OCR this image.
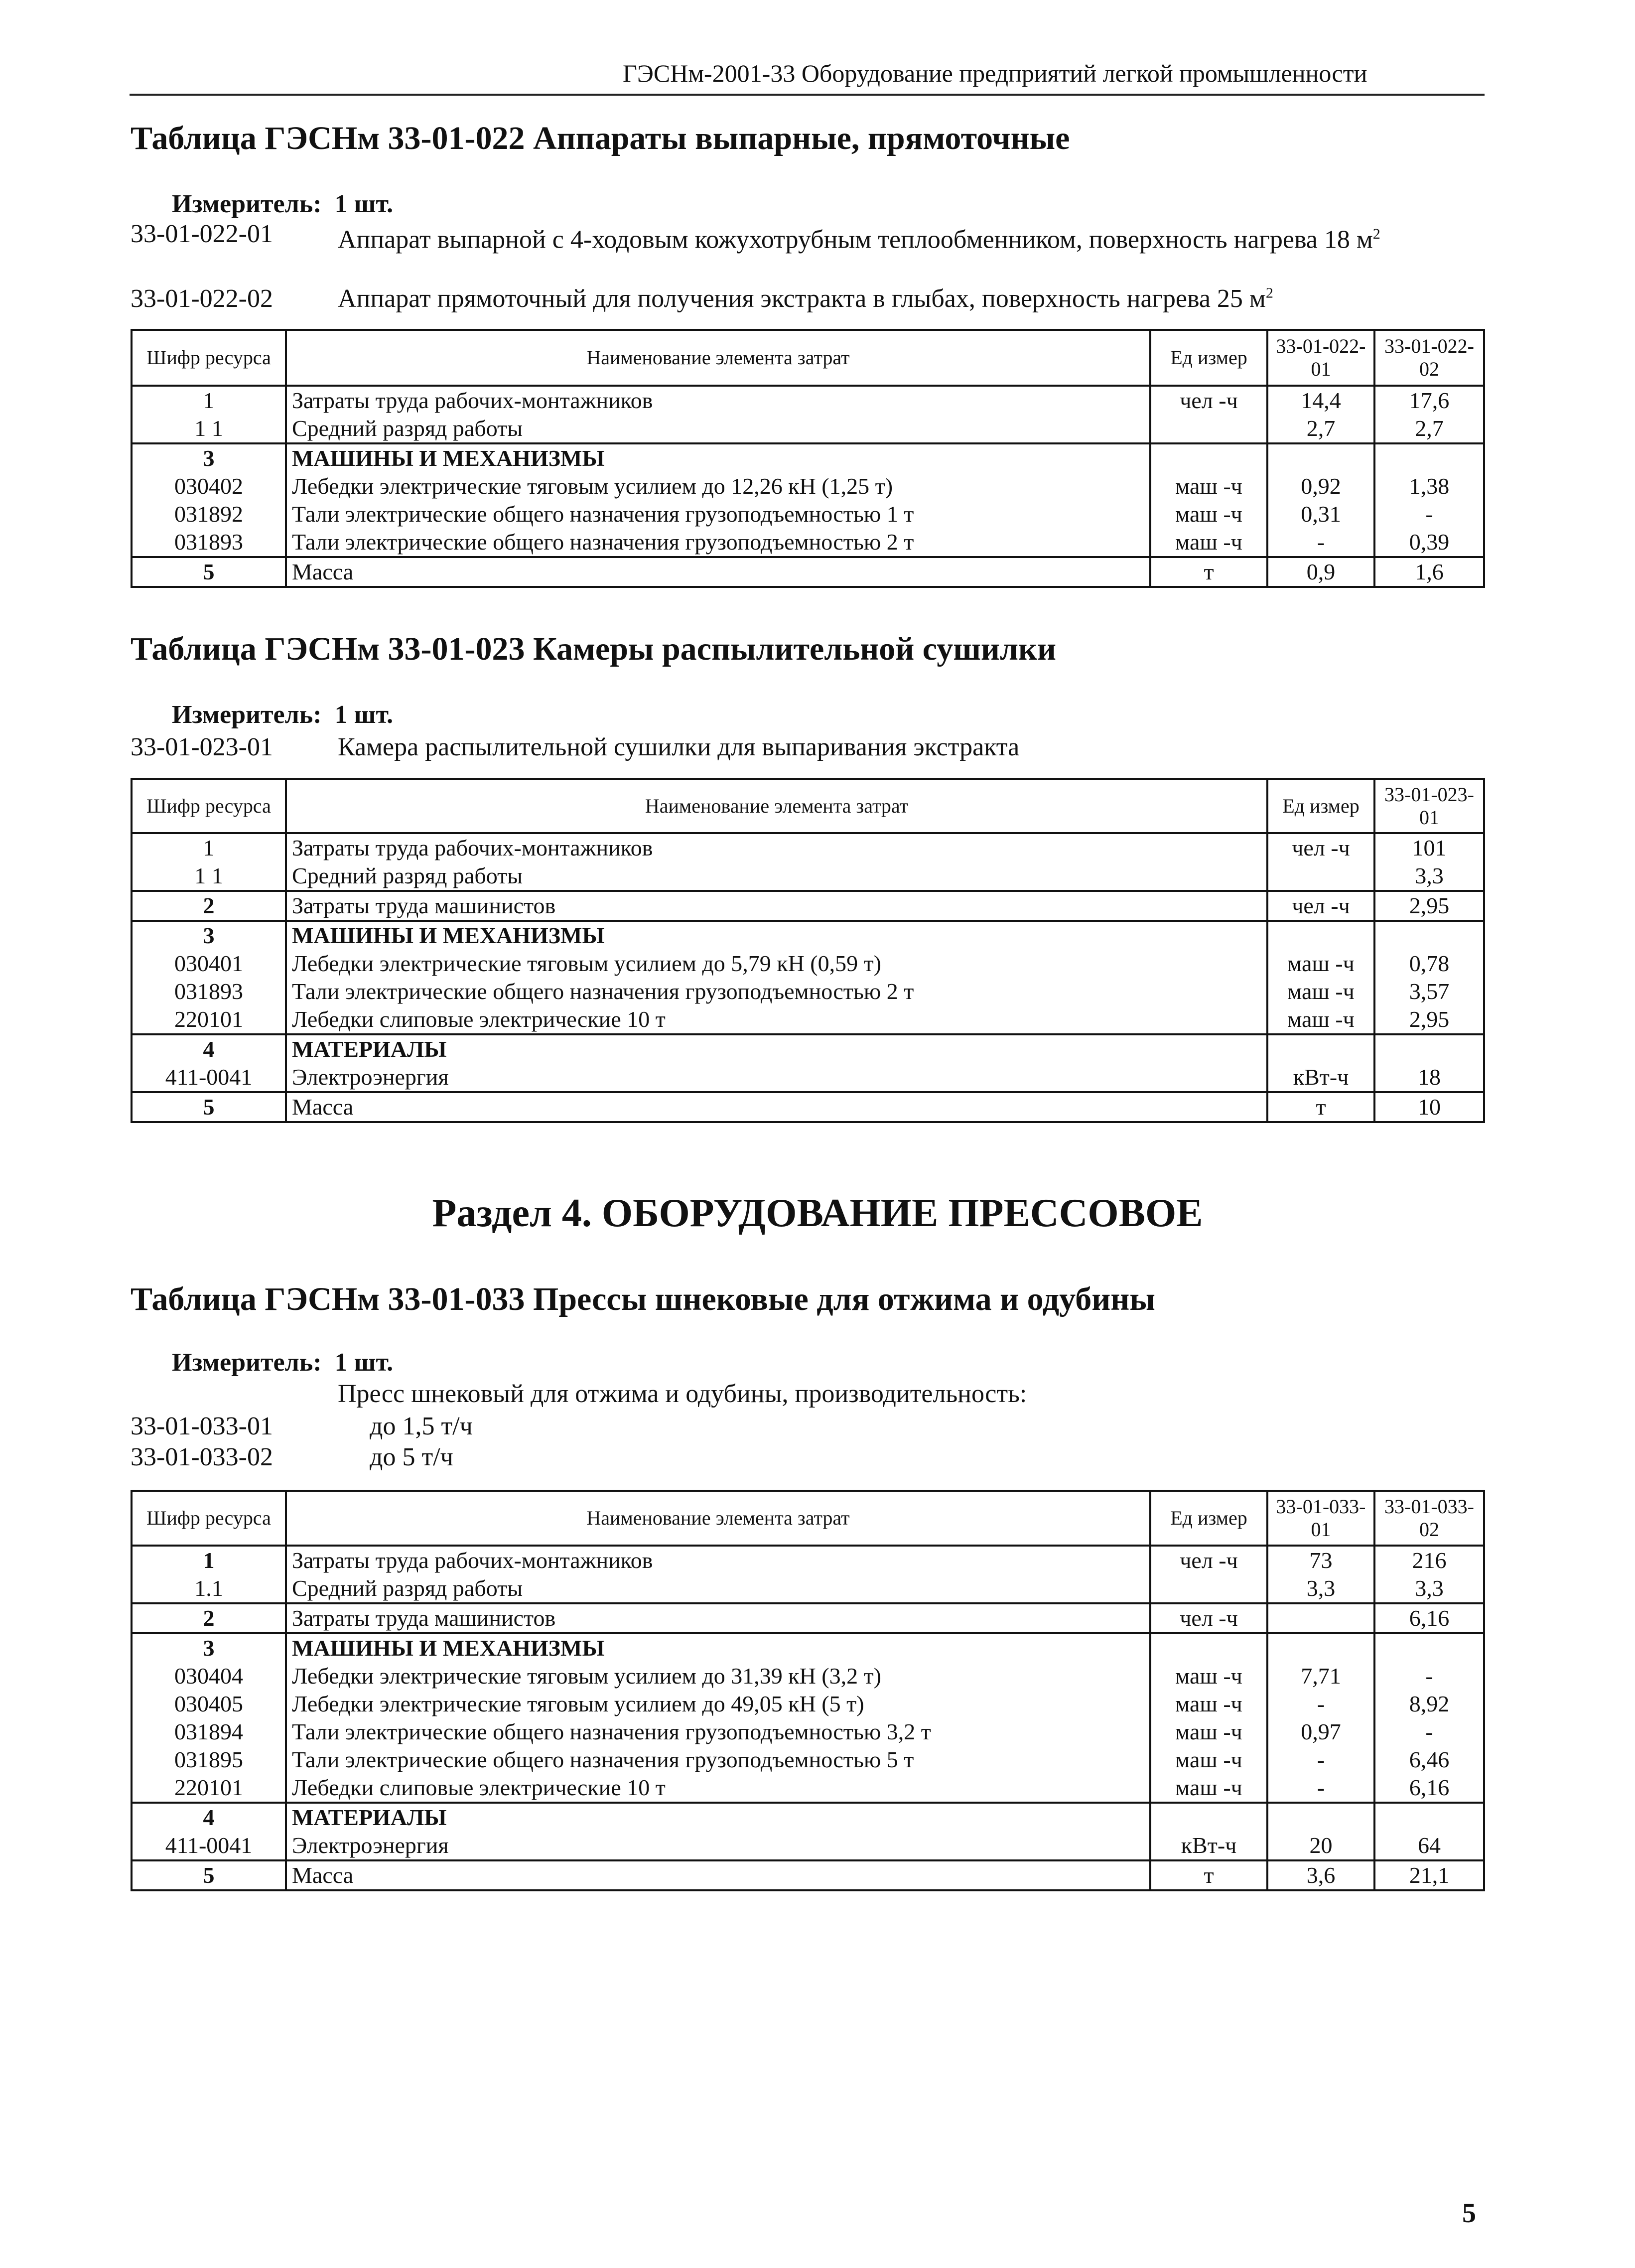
ГЭСНм-2001-33 Оборудование предприятий легкой промышленности
Таблица ГЭСНм 33-01-022 Аппараты выпарные, прямоточные
Измеритель: 1 шт.
33-01-022-01	Аппарат выпарной с 4-ходовым кожухотрубным теплообменником, поверхность нагрева 18 $м^2$
33-01-022-02	Аппарат прямоточный для получения экстракта в глыбах, поверхность нагрева 25 $м^2$
Шифр ресурса	Наименование элемента затрат	Ед измер	33-01-022-01	33-01-022-02
1	Затраты труда рабочих-монтажников	чел -ч	14,4	17,6
1 1	Средний разряд работы		2,7	2,7
3	МАШИНЫ И МЕХАНИЗМЫ			
030402	Лебедки электрические тяговым усилием до 12,26 кН (1,25 т)	маш -ч	0,92	1,38
031892	Тали электрические общего назначения грузоподъемностью 1 т	маш -ч	0,31	-
031893	Тали электрические общего назначения грузоподъемностью 2 т	маш -ч	-	0,39
5	Масса	т	0,9	1,6
Таблица ГЭСНм 33-01-023 Камеры распылительной сушилки
Измеритель: 1 шт.
33-01-023-01	Камера распылительной сушилки для выпаривания экстракта
Шифр ресурса	Наименование элемента затрат	Ед измер	33-01-023-01
1	Затраты труда рабочих-монтажников	чел -ч	101
1 1	Средний разряд работы		3,3
2	Затраты труда машинистов	чел -ч	2,95
3	МАШИНЫ И МЕХАНИЗМЫ		
030401	Лебедки электрические тяговым усилием до 5,79 кН (0,59 т)	маш -ч	0,78
031893	Тали электрические общего назначения грузоподъемностью 2 т	маш -ч	3,57
220101	Лебедки слиповые электрические 10 т	маш -ч	2,95
4	МАТЕРИАЛЫ		
411-0041	Электроэнергия	кВт-ч	18
5	Масса	т	10
Раздел 4. ОБОРУДОВАНИЕ ПРЕССОВОЕ
Таблица ГЭСНм 33-01-033 Прессы шнековые для отжима и одубины
Измеритель: 1 шт.
Пресс шнековый для отжима и одубины, производительность:
33-01-033-01	до 1,5 т/ч
33-01-033-02	до 5 т/ч
Шифр ресурса	Наименование элемента затрат	Ед измер	33-01-033-01	33-01-033-02
1	Затраты труда рабочих-монтажников	чел -ч	73	216
1.1	Средний разряд работы		3,3	3,3
2	Затраты труда машинистов	чел -ч		6,16
3	МАШИНЫ И МЕХАНИЗМЫ			
030404	Лебедки электрические тяговым усилием до 31,39 кН (3,2 т)	маш -ч	7,71	-
030405	Лебедки электрические тяговым усилием до 49,05 кН (5 т)	маш -ч	-	8,92
031894	Тали электрические общего назначения грузоподъемностью 3,2 т	маш -ч	0,97	-
031895	Тали электрические общего назначения грузоподъемностью 5 т	маш -ч	-	6,46
220101	Лебедки слиповые электрические 10 т	маш -ч	-	6,16
4	МАТЕРИАЛЫ			
411-0041	Электроэнергия	кВт-ч	20	64
5	Масса	т	3,6	21,1
5
